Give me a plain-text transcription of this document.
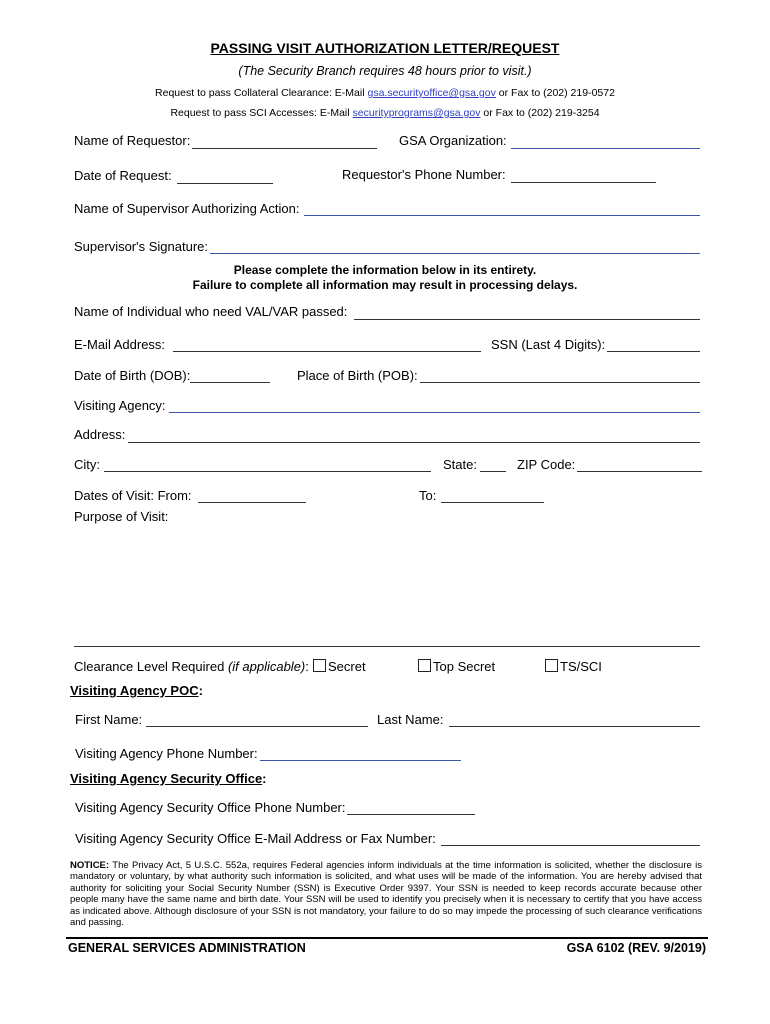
PASSING VISIT AUTHORIZATION LETTER/REQUEST
(The Security Branch requires 48 hours prior to visit.)
Request to pass Collateral Clearance: E-Mail gsa.securityoffice@gsa.gov or Fax to (202) 219-0572
Request to pass SCI Accesses: E-Mail securityprograms@gsa.gov or Fax to (202) 219-3254
Name of Requestor:	GSA Organization:
Date of Request:	Requestor's Phone Number:
Name of Supervisor Authorizing Action:
Supervisor's Signature:
Please complete the information below in its entirety.
Failure to complete all information may result in processing delays.
Name of Individual who need VAL/VAR passed:
E-Mail Address:	SSN (Last 4 Digits):
Date of Birth (DOB):	Place of Birth (POB):
Visiting Agency:
Address:
City:	State:	ZIP Code:
Dates of Visit: From:	To:
Purpose of Visit:
Clearance Level Required (if applicable): Secret	Top Secret	TS/SCI
Visiting Agency POC:
First Name:	Last Name:
Visiting Agency Phone Number:
Visiting Agency Security Office:
Visiting Agency Security Office Phone Number:
Visiting Agency Security Office E-Mail Address or Fax Number:
NOTICE: The Privacy Act, 5 U.S.C. 552a, requires Federal agencies inform individuals at the time information is solicited, whether the disclosure is mandatory or voluntary, by what authority such information is solicited, and what uses will be made of the information. You are hereby advised that authority for soliciting your Social Security Number (SSN) is Executive Order 9397. Your SSN is needed to keep records accurate because other people many have the same name and birth date. Your SSN will be used to identify you precisely when it is necessary to certify that you have access as indicated above. Although disclosure of your SSN is not mandatory, your failure to do so may impede the processing of such clearance verifications and passing.
GENERAL SERVICES ADMINISTRATION	GSA 6102 (REV. 9/2019)
